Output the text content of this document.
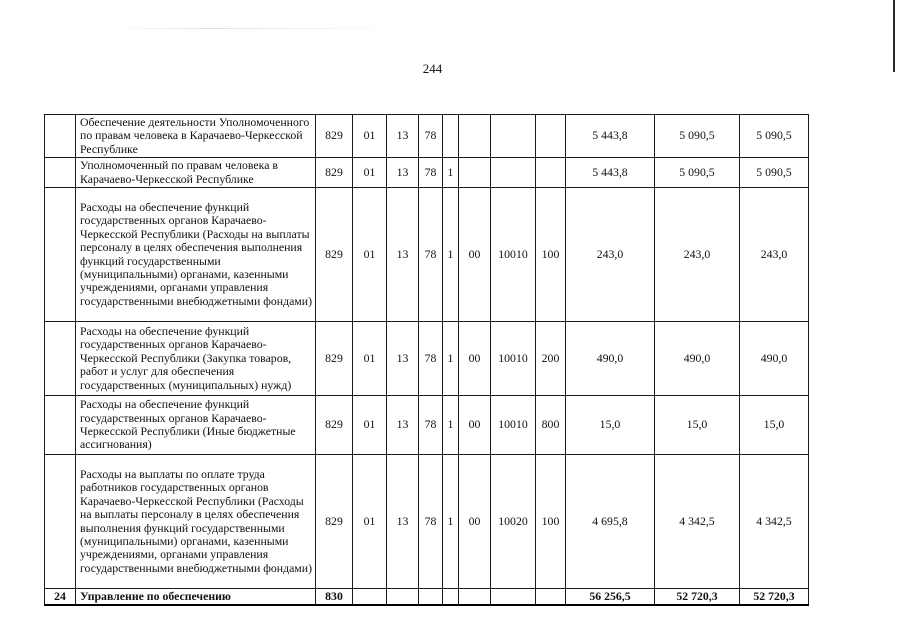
244
	Обеспечение деятельности Уполномоченного по правам человека в Карачаево-Черкесской Республике	829	01	13	78					5 443,8	5 090,5	5 090,5
	Уполномоченный по правам человека в Карачаево-Черкесской Республике	829	01	13	78	1				5 443,8	5 090,5	5 090,5
	Расходы на обеспечение функций государственных органов Карачаево-Черкесской Республики (Расходы на выплаты персоналу в целях обеспечения выполнения функций государственными (муниципальными) органами, казенными учреждениями, органами управления государственными внебюджетными фондами)	829	01	13	78	1	00	10010	100	243,0	243,0	243,0
	Расходы на обеспечение функций государственных органов Карачаево-Черкесской Республики (Закупка товаров, работ и услуг для обеспечения государственных (муниципальных) нужд)	829	01	13	78	1	00	10010	200	490,0	490,0	490,0
	Расходы на обеспечение функций государственных органов Карачаево-Черкесской Республики (Иные бюджетные ассигнования)	829	01	13	78	1	00	10010	800	15,0	15,0	15,0
	Расходы на выплаты по оплате труда работников государственных органов Карачаево-Черкесской Республики (Расходы на выплаты персоналу в целях обеспечения выполнения функций государственными (муниципальными) органами, казенными учреждениями, органами управления государственными внебюджетными фондами)	829	01	13	78	1	00	10020	100	4 695,8	4 342,5	4 342,5
24	Управление по обеспечению	830								56 256,5	52 720,3	52 720,3
